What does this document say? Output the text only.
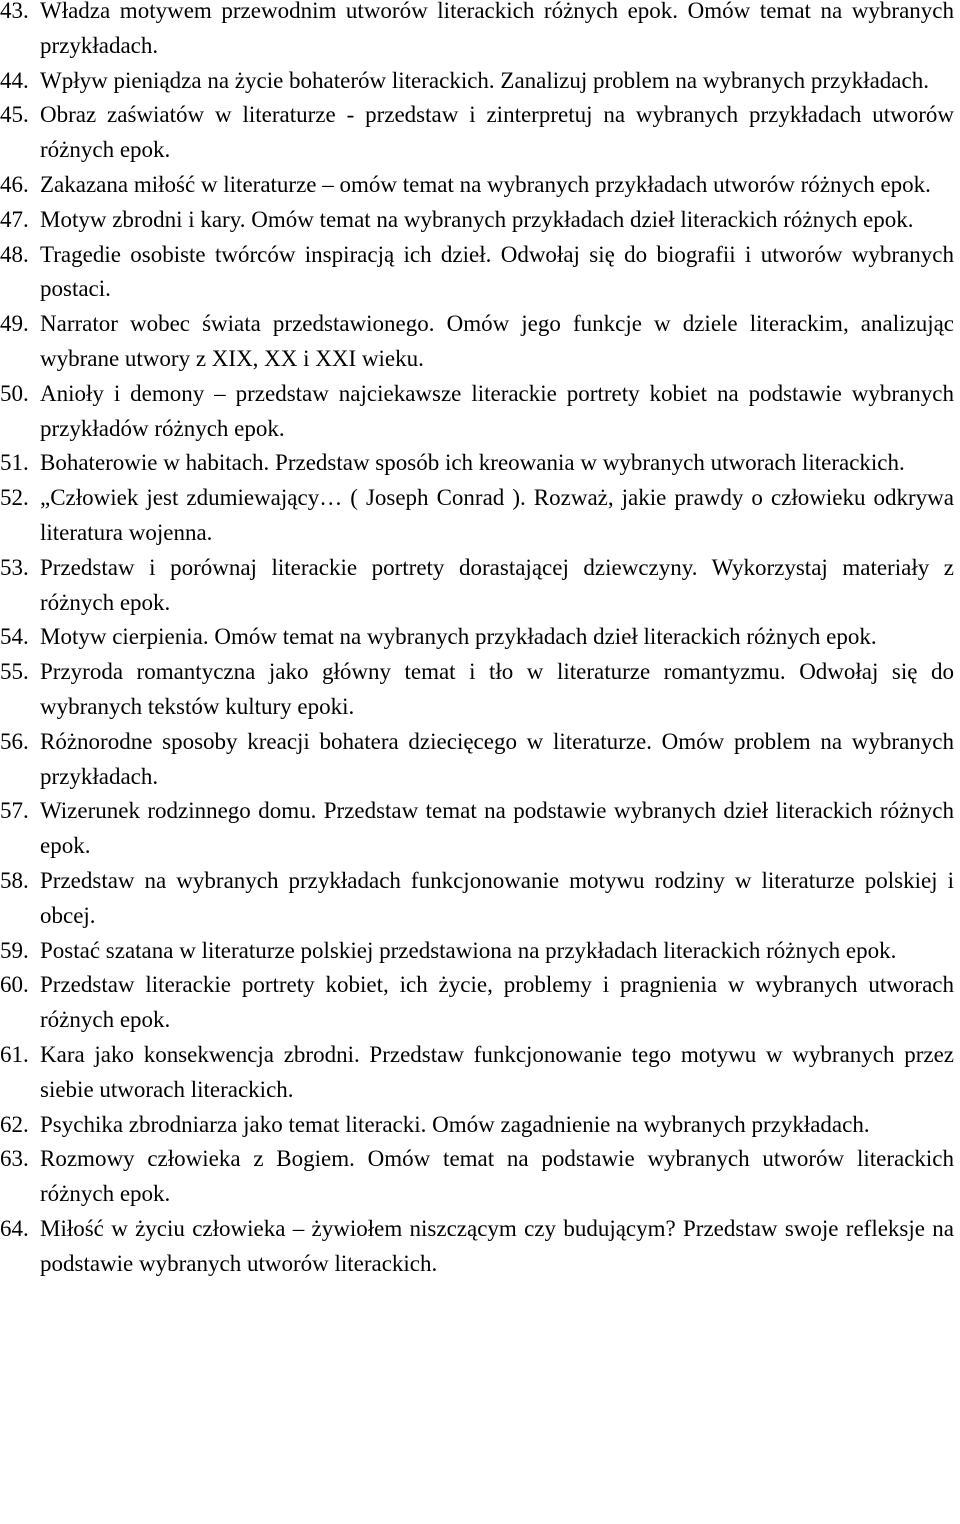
43. Władza motywem przewodnim utworów literackich różnych epok. Omów temat na wybranych przykładach.
44. Wpływ pieniądza na życie bohaterów literackich. Zanalizuj problem na wybranych przykładach.
45. Obraz zaświatów w literaturze - przedstaw i zinterpretuj na wybranych przykładach utworów różnych epok.
46. Zakazana miłość w literaturze – omów temat na wybranych przykładach utworów różnych epok.
47. Motyw zbrodni i kary. Omów temat na wybranych przykładach dzieł literackich różnych epok.
48. Tragedie osobiste twórców inspiracją ich dzieł. Odwołaj się do biografii i utworów wybranych postaci.
49. Narrator wobec świata przedstawionego. Omów jego funkcje w dziele literackim, analizując wybrane utwory z XIX, XX i XXI wieku.
50. Anioły i demony – przedstaw najciekawsze literackie portrety kobiet na podstawie wybranych przykładów różnych epok.
51. Bohaterowie w habitach. Przedstaw sposób ich kreowania w wybranych utworach literackich.
52. „Człowiek jest zdumiewający… ( Joseph Conrad ). Rozważ, jakie prawdy o człowieku odkrywa literatura wojenna.
53. Przedstaw i porównaj literackie portrety dorastającej dziewczyny. Wykorzystaj materiały z różnych epok.
54. Motyw cierpienia. Omów temat na wybranych przykładach dzieł literackich różnych epok.
55. Przyroda romantyczna jako główny temat i tło w literaturze romantyzmu. Odwołaj się do wybranych tekstów kultury epoki.
56. Różnorodne sposoby kreacji bohatera dziecięcego w literaturze. Omów problem na wybranych przykładach.
57. Wizerunek rodzinnego domu. Przedstaw temat na podstawie wybranych dzieł literackich różnych epok.
58. Przedstaw na wybranych przykładach funkcjonowanie motywu rodziny w literaturze polskiej i obcej.
59. Postać szatana w literaturze polskiej przedstawiona na przykładach literackich różnych epok.
60. Przedstaw literackie portrety kobiet, ich życie, problemy i pragnienia w wybranych utworach różnych epok.
61. Kara jako konsekwencja zbrodni. Przedstaw funkcjonowanie tego motywu w wybranych przez siebie utworach literackich.
62. Psychika zbrodniarza jako temat literacki. Omów zagadnienie na wybranych przykładach.
63. Rozmowy człowieka z Bogiem. Omów temat na podstawie wybranych utworów literackich różnych epok.
64. Miłość w życiu człowieka – żywiołem niszczącym czy budującym? Przedstaw swoje refleksje na podstawie wybranych utworów literackich.
